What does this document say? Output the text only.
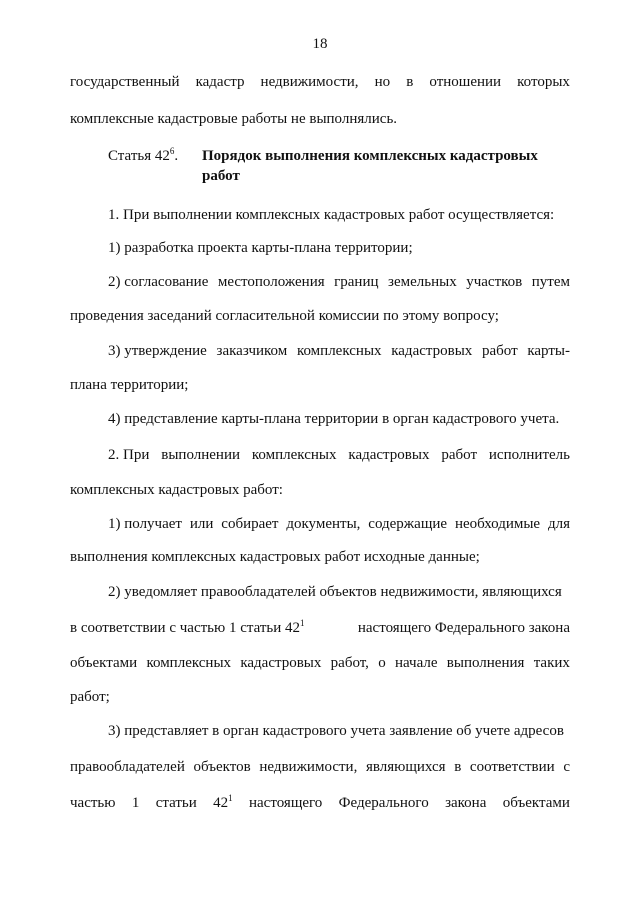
18
государственный кадастр недвижимости, но в отношении которых
комплексные кадастровые работы не выполнялись.
Статья $42^6$. Порядок выполнения комплексных кадастровых
работ
1. При выполнении комплексных кадастровых работ осуществляется:
1) разработка проекта карты-плана территории;
2) согласование местоположения границ земельных участков путем
проведения заседаний согласительной комиссии по этому вопросу;
3) утверждение заказчиком комплексных кадастровых работ карты-
плана территории;
4) представление карты-плана территории в орган кадастрового учета.
2. При выполнении комплексных кадастровых работ исполнитель
комплексных кадастровых работ:
1) получает или собирает документы, содержащие необходимые для
выполнения комплексных кадастровых работ исходные данные;
2) уведомляет правообладателей объектов недвижимости, являющихся
в соответствии с частью 1 статьи $42^1$	настоящего Федерального закона
объектами комплексных кадастровых работ, о начале выполнения таких
работ;
3) представляет в орган кадастрового учета заявление об учете адресов
правообладателей объектов недвижимости, являющихся в соответствии с
частью 1 статьи $42^1$ настоящего Федерального закона объектами
